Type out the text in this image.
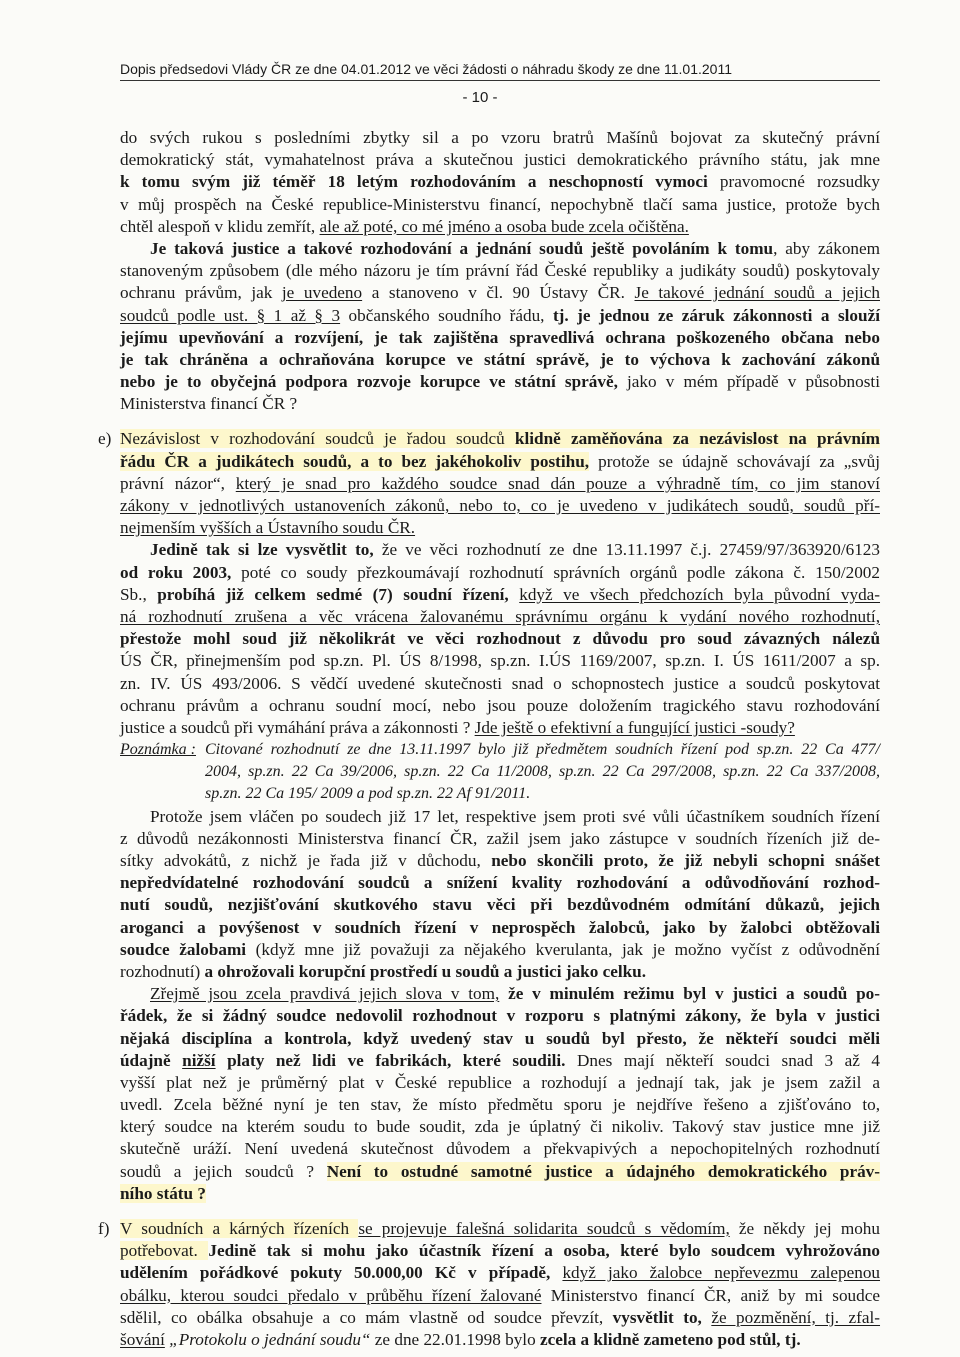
Dopis předsedovi Vlády ČR ze dne 04.01.2012 ve věci žádosti o náhradu škody ze dne 11.01.2011
- 10 -
do svých rukou s posledními zbytky sil a po vzoru bratrů Mašínů bojovat za skutečný právní
demokratický stát, vymahatelnost práva a skutečnou justici demokratického právního státu, jak mne
k tomu svým již téměř 18 letým rozhodováním a neschopností vymoci pravomocné rozsudky
v můj prospěch na České republice-Ministerstvu financí, nepochybně tlačí sama justice, protože bych
chtěl alespoň v klidu zemřít, ale až poté, co mé jméno a osoba bude zcela očištěna.
Je taková justice a takové rozhodování a jednání soudů ještě povoláním k tomu, aby zákonem
stanoveným způsobem (dle mého názoru je tím právní řád České republiky a judikáty soudů) poskytovaly
ochranu právům, jak je uvedeno a stanoveno v čl. 90 Ústavy ČR. Je takové jednání soudů a jejich
soudců podle ust. § 1 až § 3 občanského soudního řádu, tj. je jednou ze záruk zákonnosti a slouží
jejímu upevňování a rozvíjení, je tak zajištěna spravedlivá ochrana poškozeného občana nebo
je tak chráněna a ochraňována korupce ve státní správě, je to výchova k zachování zákonů
nebo je to obyčejná podpora rozvoje korupce ve státní správě, jako v mém případě v působnosti
Ministerstva financí ČR ?
e) Nezávislost v rozhodování soudců je řadou soudců klidně zaměňována za nezávislost na právním
řádu ČR a judikátech soudů, a to bez jakéhokoliv postihu, protože se údajně schovávají za „svůj
právní názor“, který je snad pro každého soudce snad dán pouze a výhradně tím, co jim stanoví
zákony v jednotlivých ustanoveních zákonů, nebo to, co je uvedeno v judikátech soudů, soudů pří-
nejmenším vyšších a Ústavního soudu ČR.
Jedině tak si lze vysvětlit to, že ve věci rozhodnutí ze dne 13.11.1997 č.j. 27459/97/363920/6123
od roku 2003, poté co soudy přezkoumávají rozhodnutí správních orgánů podle zákona č. 150/2002
Sb., probíhá již celkem sedmé (7) soudní řízení, když ve všech předchozích byla původní vyda-
ná rozhodnutí zrušena a věc vrácena žalovanému správnímu orgánu k vydání nového rozhodnutí,
přestože mohl soud již několikrát ve věci rozhodnout z důvodu pro soud závazných nálezů
ÚS ČR, přinejmenším pod sp.zn. Pl. ÚS 8/1998, sp.zn. I.ÚS 1169/2007, sp.zn. I. ÚS 1611/2007 a sp.
zn. IV. ÚS 493/2006. S vědčí uvedené skutečnosti snad o schopnostech justice a soudců poskytovat
ochranu právům a ochranu soudní mocí, nebo jsou pouze doložením tragického stavu rozhodování
justice a soudců při vymáhání práva a zákonnosti ? Jde ještě o efektivní a fungující justici -soudy?
Poznámka : Citované rozhodnutí ze dne 13.11.1997 bylo již předmětem soudních řízení pod sp.zn. 22 Ca 477/
2004, sp.zn. 22 Ca 39/2006, sp.zn. 22 Ca 11/2008, sp.zn. 22 Ca 297/2008, sp.zn. 22 Ca 337/2008,
sp.zn. 22 Ca 195/ 2009 a pod sp.zn. 22 Af 91/2011.
Protože jsem vláčen po soudech již 17 let, respektive jsem proti své vůli účastníkem soudních řízení
z důvodů nezákonnosti Ministerstva financí ČR, zažil jsem jako zástupce v soudních řízeních již de-
sítky advokátů, z nichž je řada již v důchodu, nebo skončili proto, že již nebyli schopni snášet
nepředvídatelné rozhodování soudců a snížení kvality rozhodování a odůvodňování rozhod-
nutí soudů, nezjišťování skutkového stavu věci při bezdůvodném odmítání důkazů, jejich
aroganci a povýšenost v soudních řízení v neprospěch žalobců, jako by žalobci obtěžovali
soudce žalobami (když mne již považuji za nějakého kverulanta, jak je možno vyčíst z odůvodnění
rozhodnutí) a ohrožovali korupční prostředí u soudů a justici jako celku.
Zřejmě jsou zcela pravdivá jejich slova v tom, že v minulém režimu byl v justici a soudů po-
řádek, že si žádný soudce nedovolil rozhodnout v rozporu s platnými zákony, že byla v justici
nějaká disciplína a kontrola, když uvedený stav u soudů byl přesto, že někteří soudci měli
údajně nižší platy než lidi ve fabrikách, které soudili. Dnes mají někteří soudci snad 3 až 4
vyšší plat než je průměrný plat v České republice a rozhodují a jednají tak, jak je jsem zažil a
uvedl. Zcela běžné nyní je ten stav, že místo předmětu sporu je nejdříve řešeno a zjišťováno to,
který soudce na kterém soudu to bude soudit, zda je úplatný či nikoliv. Takový stav justice mne již
skutečně uráží. Není uvedená skutečnost důvodem a překvapivých a nepochopitelných rozhodnutí
soudů a jejich soudců ? Není to ostudné samotné justice a údajného demokratického práv-
ního státu ?
f) V soudních a kárných řízeních se projevuje falešná solidarita soudců s vědomím, že někdy jej mohu
potřebovat. Jedině tak si mohu jako účastník řízení a osoba, které bylo soudcem vyhrožováno
udělením pořádkové pokuty 50.000,00 Kč v případě, když jako žalobce nepřevezmu zalepenou
obálku, kterou soudci předalo v průběhu řízení žalované Ministerstvo financí ČR, aniž by mi soudce
sdělil, co obálka obsahuje a co mám vlastně od soudce převzít, vysvětlit to, že pozměnění, tj. zfal-
šování „Protokolu o jednání soudu“ ze dne 22.01.1998 bylo zcela a klidně zameteno pod stůl, tj.
